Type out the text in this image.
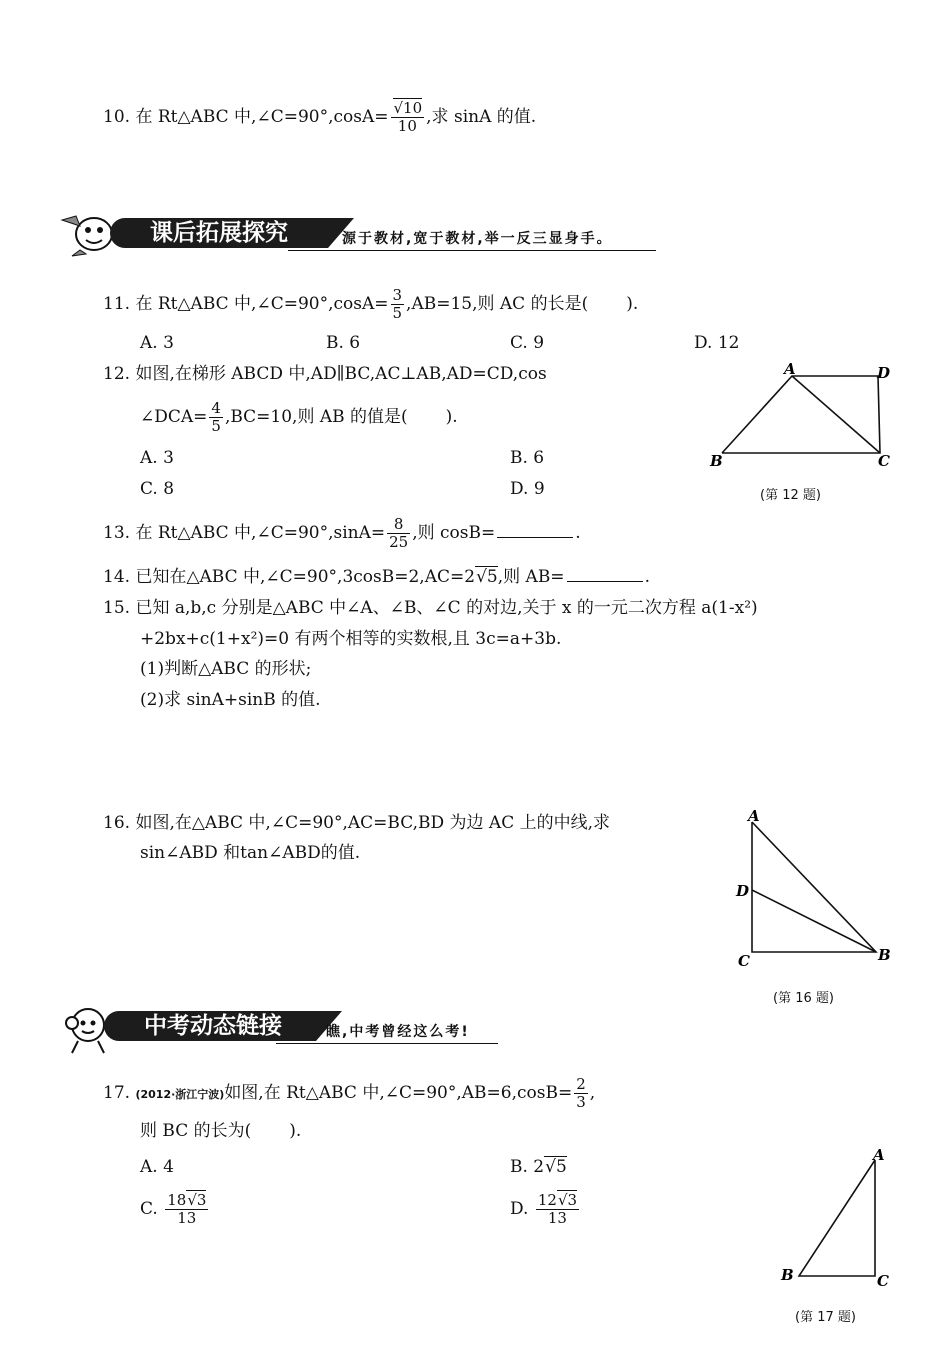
10. 在 Rt△ABC 中,∠C=90°,cosA= $\frac{√10}{10}$ ,求 sinA 的值.
课后拓展探究	源于教材,宽于教材,举一反三显身手。
11. 在 Rt△ABC 中,∠C=90°,cosA= $\frac{3}{5} ,AB=15$,则 AC 的长是( ).
A. 3	B. 6	C. 9	D. 12
12. 如图,在梯形 ABCD 中,AD∥BC,AC⊥AB,AD=CD,cos
∠DCA= $\frac{4}{5} ,BC=10$,则 AB 的值是( ).
A. 3	B. 6
C. 8	D. 9
A	D
B	C
(第 12 题)
13. 在 Rt△ABC 中,∠C=90°,sinA= $\frac{8}{25}$ ,则 cosB=	.
14. 已知在△ABC 中,∠C=90°,3cosB=2,AC=2√5,则 AB=	.
15. 已知 a,b,c 分别是△ABC 中∠A、∠B、∠C 的对边,关于 x 的一元二次方程 a(1-x²)
+2bx+c(1+x²)=0 有两个相等的实数根,且 3c=a+3b.
(1)判断△ABC 的形状;
(2)求 sinA+sinB 的值.
16. 如图,在△ABC 中,∠C=90°,AC=BC,BD 为边 AC 上的中线,求
sin∠ABD 和tan∠ABD的值.
A
D
C	B
(第 16 题)
中考动态链接	瞧,中考曾经这么考!
17. (2012·浙江宁波)如图,在 Rt△ABC 中,∠C=90°,AB=6,cosB= $\frac{2}{3}$ ,
则 BC 的长为( ).
A. 4	B. 2√5
C. $\frac{18√3}{13}$	D. $\frac{12√3}{13}$
A
B	C
(第 17 题)
